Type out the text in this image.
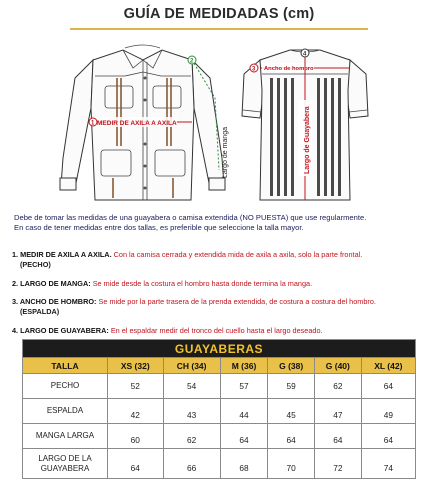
GUÍA DE MEDIDADAS (cm)
MEDIR DE AXILA A AXILA
1
2
Largo de manga
Ancho de hombro
3
4
Largo de Guayabera
Debe de tomar las medidas de una guayabera o camisa extendida (NO PUESTA) que use regularmente.
En caso de tener medidas entre dos tallas, es preferible que seleccione la talla mayor.
1. MEDIR DE AXILA A AXILA. Con la camisa cerrada y extendida mida de axila a axila, solo la parte frontal.
(PECHO)
2. LARGO DE MANGA: Se mide desde la costura el hombro hasta donde termina la manga.
3. ANCHO DE HOMBRO: Se mide por la parte trasera de la prenda extendida, de costura a costura del hombro.
(ESPALDA)
4. LARGO DE GUAYABERA: En el espaldar medir del tronco del cuello hasta el largo deseado.
GUAYABERAS						
TALLA	XS (32)	CH (34)	M (36)	G (38)	G (40)	XL (42)
PECHO	52	54	57	59	62	64
ESPALDA	42	43	44	45	47	49
MANGA LARGA	60	62	64	64	64	64
LARGO DE LA GUAYABERA	64	66	68	70	72	74
